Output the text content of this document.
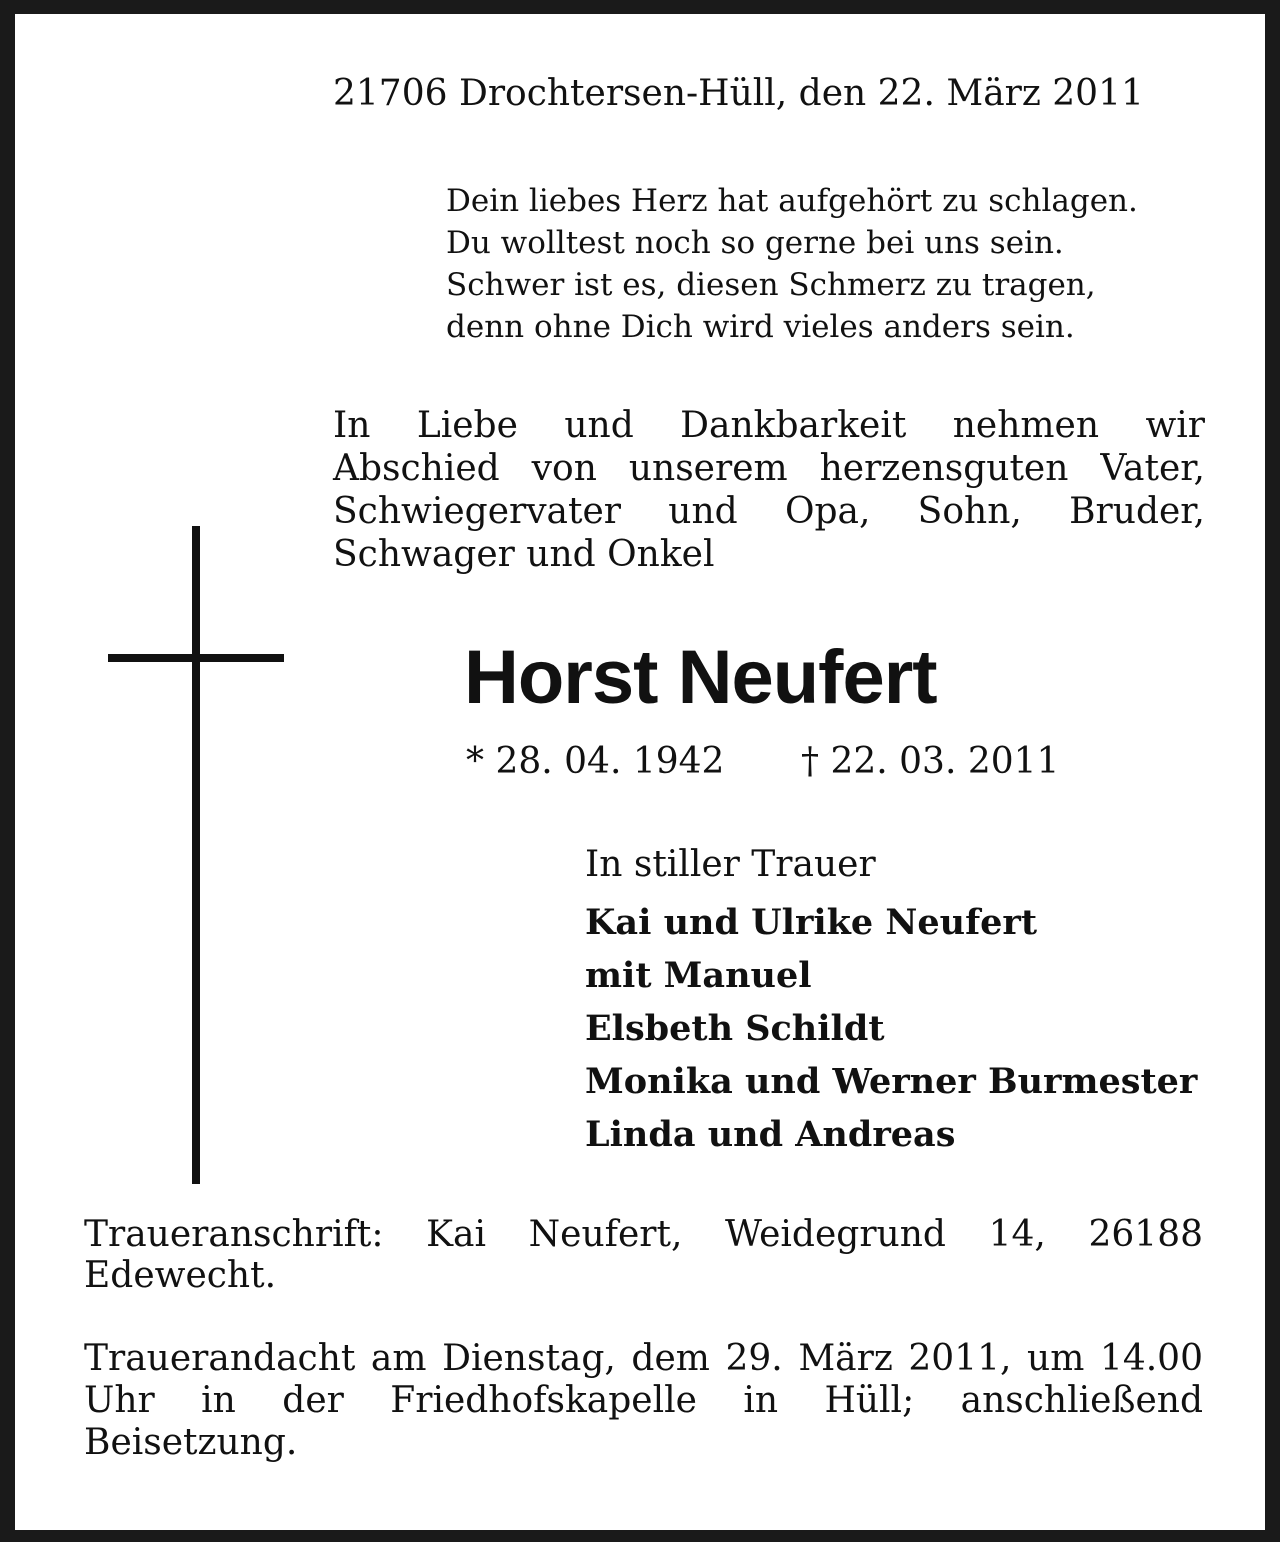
21706 Drochtersen-Hüll, den 22. März 2011
Dein liebes Herz hat aufgehört zu schlagen.
Du wolltest noch so gerne bei uns sein.
Schwer ist es, diesen Schmerz zu tragen,
denn ohne Dich wird vieles anders sein.
In Liebe und Dankbarkeit nehmen wir
Abschied von unserem herzensguten Vater,
Schwiegervater und Opa, Sohn, Bruder,
Schwager und Onkel
Horst Neufert
* 28. 04. 1942 † 22. 03. 2011
In stiller Trauer
Kai und Ulrike Neufert
mit Manuel
Elsbeth Schildt
Monika und Werner Burmester
Linda und Andreas
Traueranschrift: Kai Neufert, Weidegrund 14, 26188 Edewecht.
Trauerandacht am Dienstag, dem 29. März 2011, um 14.00 Uhr in der Friedhofskapelle in Hüll; anschließend Beisetzung.
